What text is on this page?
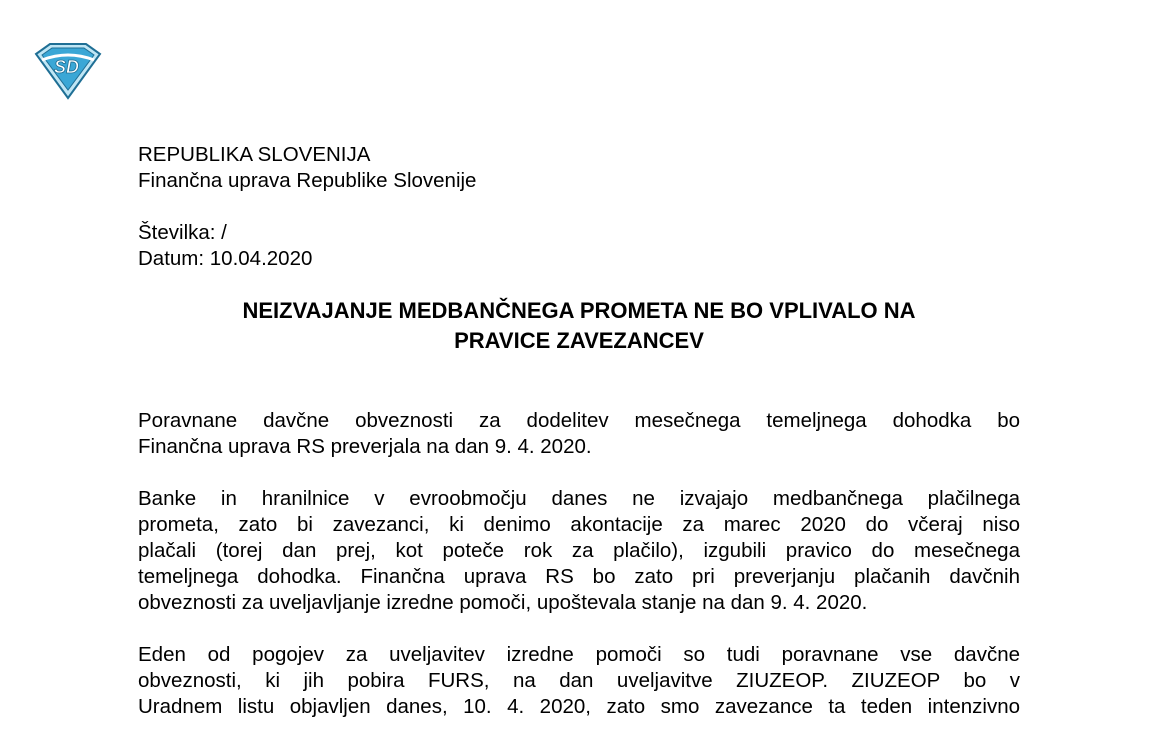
SD

REPUBLIKA SLOVENIJA

Finančna uprava Republike Slovenije

Številka: /

Datum: 10.04.2020

NEIZVAJANJE MEDBANČNEGA PROMETA NE BO VPLIVALO NA

PRAVICE ZAVEZANCEV

Poravnane davčne obveznosti za dodelitev mesečnega temeljnega dohodka bo

Finančna uprava RS preverjala na dan 9. 4. 2020.

Banke in hranilnice v evroobmočju danes ne izvajajo medbančnega plačilnega

prometa, zato bi zavezanci, ki denimo akontacije za marec 2020 do včeraj niso

plačali (torej dan prej, kot poteče rok za plačilo), izgubili pravico do mesečnega

temeljnega dohodka. Finančna uprava RS bo zato pri preverjanju plačanih davčnih

obveznosti za uveljavljanje izredne pomoči, upoštevala stanje na dan 9. 4. 2020.

Eden od pogojev za uveljavitev izredne pomoči so tudi poravnane vse davčne

obveznosti, ki jih pobira FURS, na dan uveljavitve ZIUZEOP. ZIUZEOP bo v

Uradnem listu objavljen danes, 10. 4. 2020, zato smo zavezance ta teden intenzivno
